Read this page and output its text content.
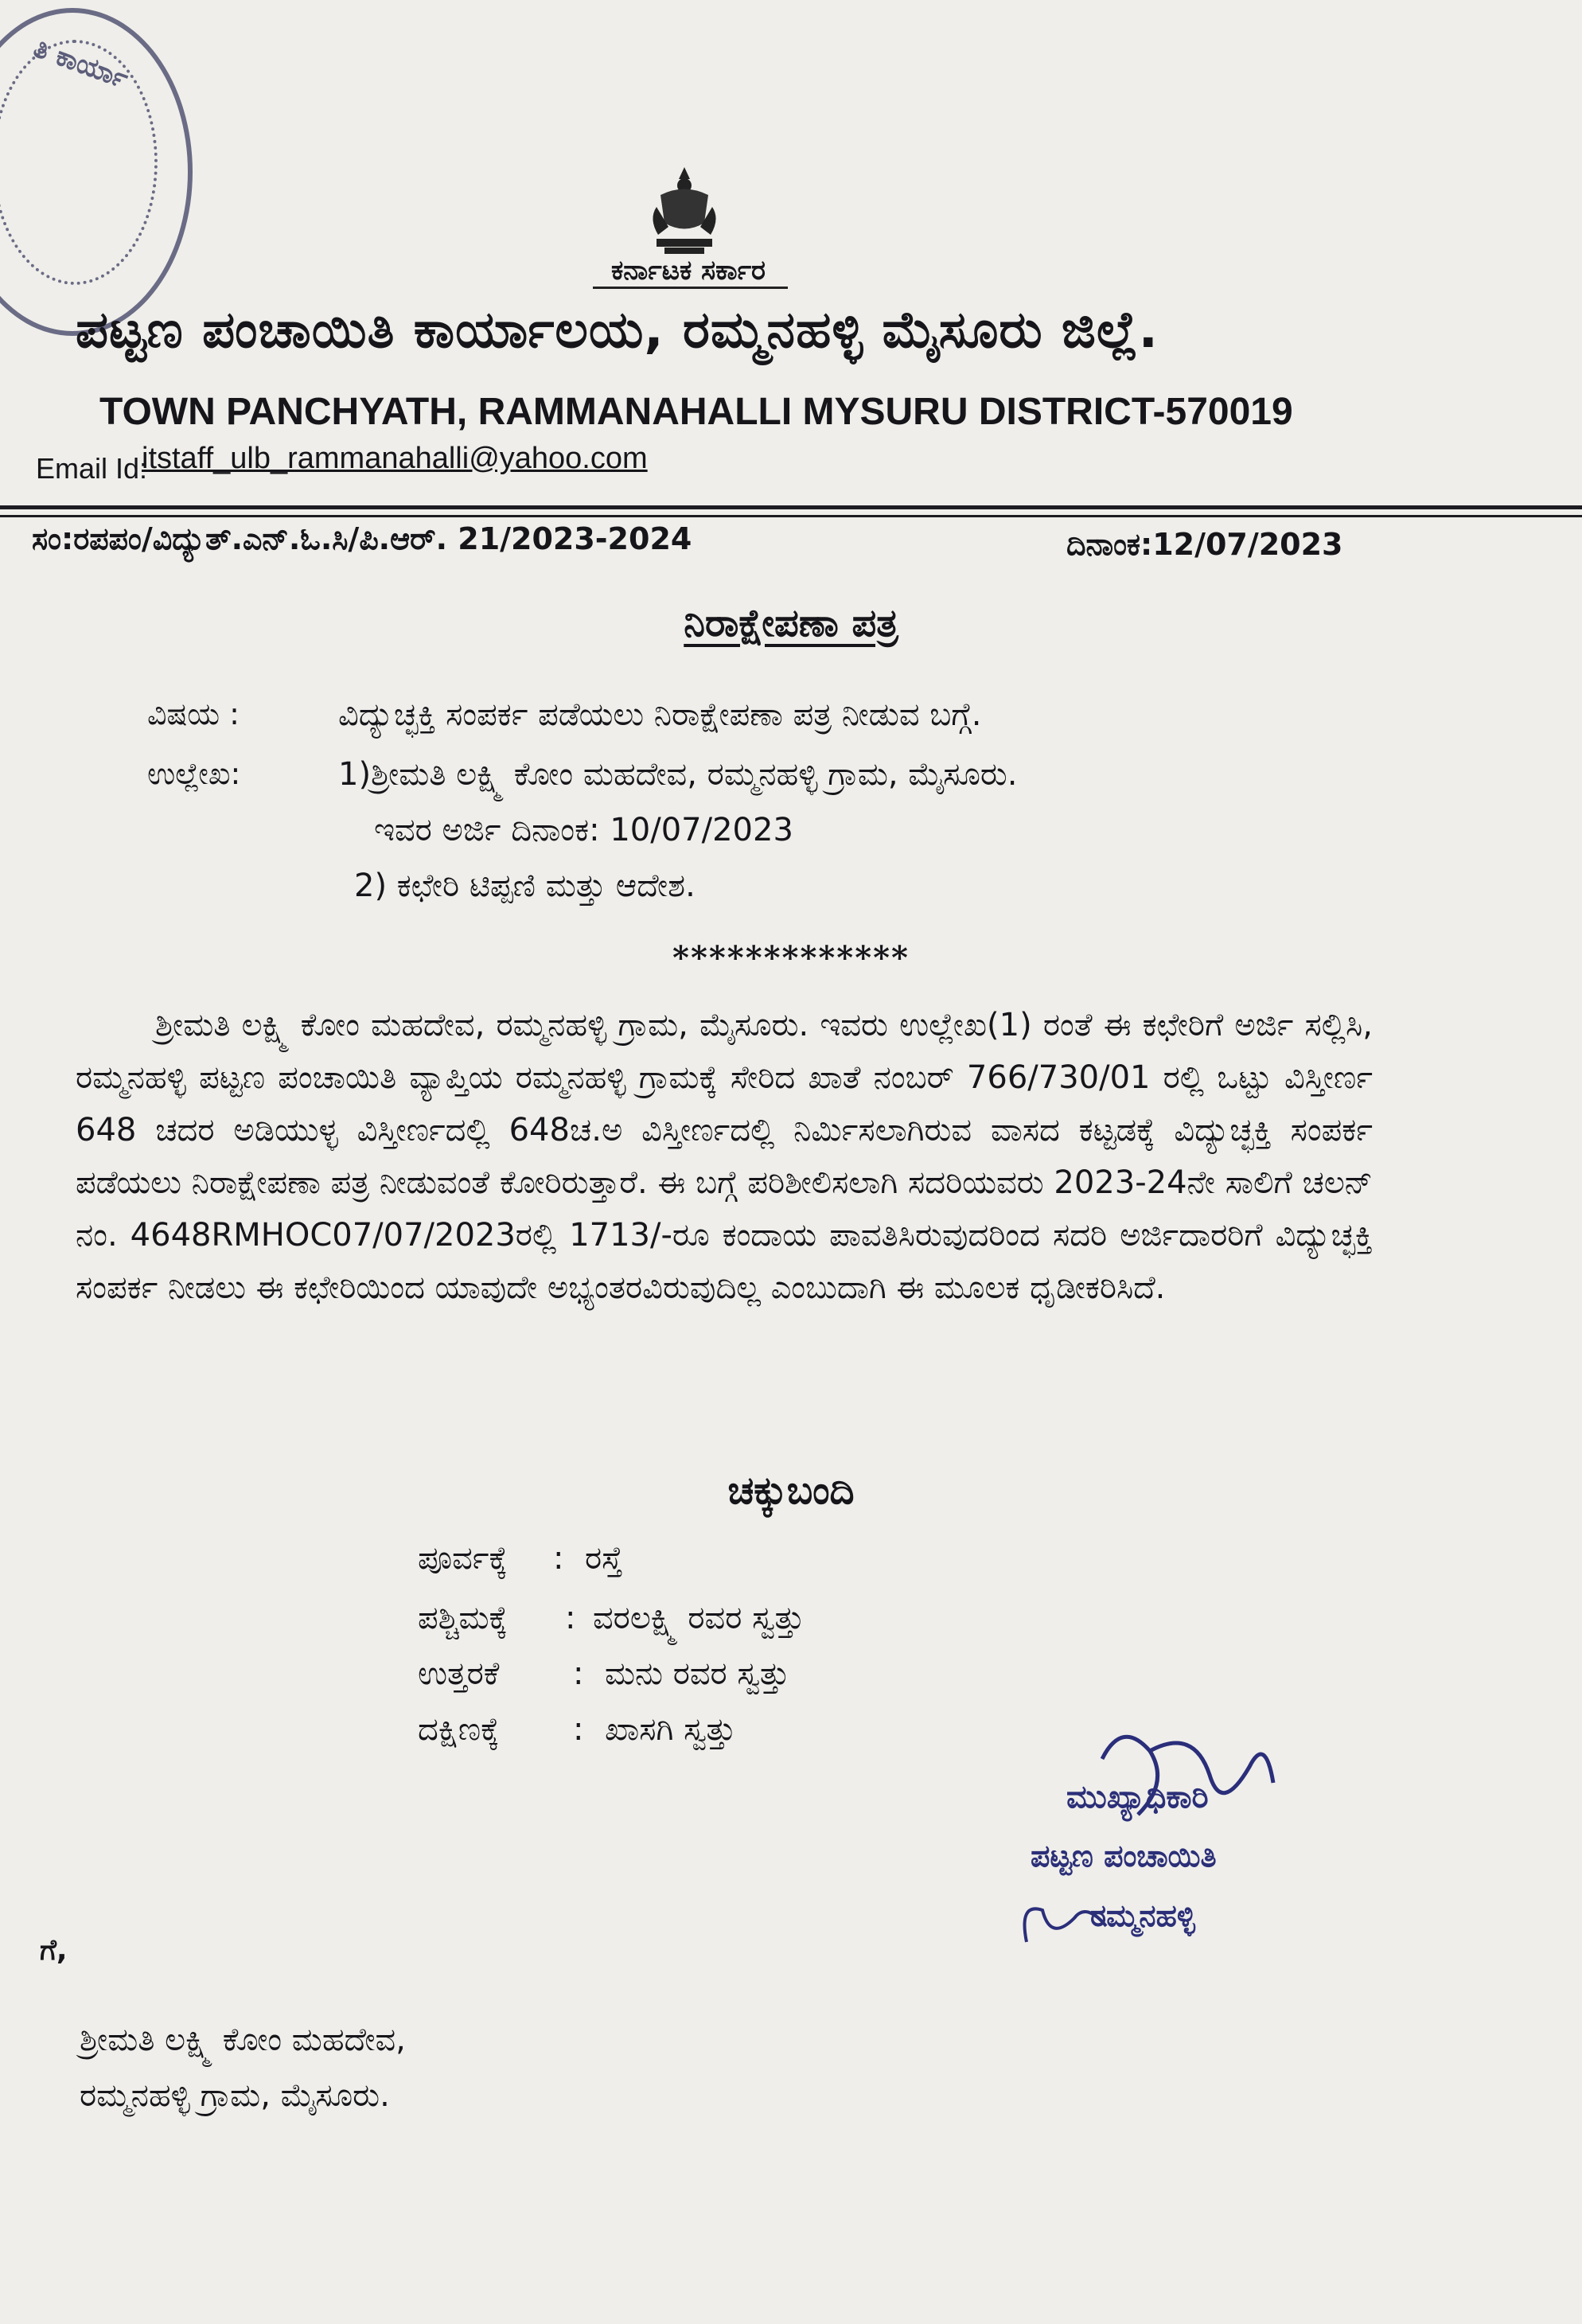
ತಿ ಕಾರ್ಯಾ
ಕರ್ನಾಟಕ ಸರ್ಕಾರ
ಪಟ್ಟಣ ಪಂಚಾಯಿತಿ ಕಾರ್ಯಾಲಯ, ರಮ್ಮನಹಳ್ಳಿ ಮೈಸೂರು ಜಿಲ್ಲೆ.
TOWN PANCHYATH, RAMMANAHALLI MYSURU DISTRICT-570019
Email Id:
itstaff_ulb_rammanahalli@yahoo.com
ಸಂ:ರಪಪಂ/ವಿದ್ಯುತ್.ಎನ್.ಓ.ಸಿ/ಪಿ.ಆರ್. 21/2023-2024	ದಿನಾಂಕ:12/07/2023
ನಿರಾಕ್ಷೇಪಣಾ ಪತ್ರ
ವಿಷಯ :	ವಿದ್ಯುಚ್ಛಕ್ತಿ ಸಂಪರ್ಕ ಪಡೆಯಲು ನಿರಾಕ್ಷೇಪಣಾ ಪತ್ರ ನೀಡುವ ಬಗ್ಗೆ.
ಉಲ್ಲೇಖ:	1)ಶ್ರೀಮತಿ ಲಕ್ಷ್ಮಿ ಕೋಂ ಮಹದೇವ, ರಮ್ಮನಹಳ್ಳಿ ಗ್ರಾಮ, ಮೈಸೂರು.
ಇವರ ಅರ್ಜಿ ದಿನಾಂಕ: 10/07/2023
2) ಕಛೇರಿ ಟಿಪ್ಪಣಿ ಮತ್ತು ಆದೇಶ.
*************
ಶ್ರೀಮತಿ ಲಕ್ಷ್ಮಿ ಕೋಂ ಮಹದೇವ, ರಮ್ಮನಹಳ್ಳಿ ಗ್ರಾಮ, ಮೈಸೂರು. ಇವರು ಉಲ್ಲೇಖ(1) ರಂತೆ ಈ ಕಛೇರಿಗೆ ಅರ್ಜಿ ಸಲ್ಲಿಸಿ, ರಮ್ಮನಹಳ್ಳಿ ಪಟ್ಟಣ ಪಂಚಾಯಿತಿ ವ್ಯಾಪ್ತಿಯ ರಮ್ಮನಹಳ್ಳಿ ಗ್ರಾಮಕ್ಕೆ ಸೇರಿದ ಖಾತೆ ನಂಬರ್ 766/730/01 ರಲ್ಲಿ ಒಟ್ಟು ವಿಸ್ತೀರ್ಣ 648 ಚದರ ಅಡಿಯುಳ್ಳ ವಿಸ್ತೀರ್ಣದಲ್ಲಿ 648ಚ.ಅ ವಿಸ್ತೀರ್ಣದಲ್ಲಿ ನಿರ್ಮಿಸಲಾಗಿರುವ ವಾಸದ ಕಟ್ಟಡಕ್ಕೆ ವಿದ್ಯುಚ್ಛಕ್ತಿ ಸಂಪರ್ಕ ಪಡೆಯಲು ನಿರಾಕ್ಷೇಪಣಾ ಪತ್ರ ನೀಡುವಂತೆ ಕೋರಿರುತ್ತಾರೆ. ಈ ಬಗ್ಗೆ ಪರಿಶೀಲಿಸಲಾಗಿ ಸದರಿಯವರು 2023-24ನೇ ಸಾಲಿಗೆ ಚಲನ್ ನಂ. 4648RMHOC07/07/2023ರಲ್ಲಿ 1713/-ರೂ ಕಂದಾಯ ಪಾವತಿಸಿರುವುದರಿಂದ ಸದರಿ ಅರ್ಜಿದಾರರಿಗೆ ವಿದ್ಯುಚ್ಛಕ್ತಿ ಸಂಪರ್ಕ ನೀಡಲು ಈ ಕಛೇರಿಯಿಂದ ಯಾವುದೇ ಅಭ್ಯಂತರವಿರುವುದಿಲ್ಲ ಎಂಬುದಾಗಿ ಈ ಮೂಲಕ ಧೃಡೀಕರಿಸಿದೆ.
ಚಕ್ಕುಬಂದಿ
ಪೂರ್ವಕ್ಕೆ	: ರಸ್ತೆ
ಪಶ್ಚಿಮಕ್ಕೆ	: ವರಲಕ್ಷ್ಮಿ ರವರ ಸ್ವತ್ತು
ಉತ್ತರಕೆ	: ಮನು ರವರ ಸ್ವತ್ತು
ದಕ್ಷಿಣಕ್ಕೆ	: ಖಾಸಗಿ ಸ್ವತ್ತು
ಮುಖ್ಯಾಧಿಕಾರಿ
ಪಟ್ಟಣ ಪಂಚಾಯಿತಿ
ರಮ್ಮನಹಳ್ಳಿ
ಗೆ,
ಶ್ರೀಮತಿ ಲಕ್ಷ್ಮಿ ಕೋಂ ಮಹದೇವ,
ರಮ್ಮನಹಳ್ಳಿ ಗ್ರಾಮ, ಮೈಸೂರು.
